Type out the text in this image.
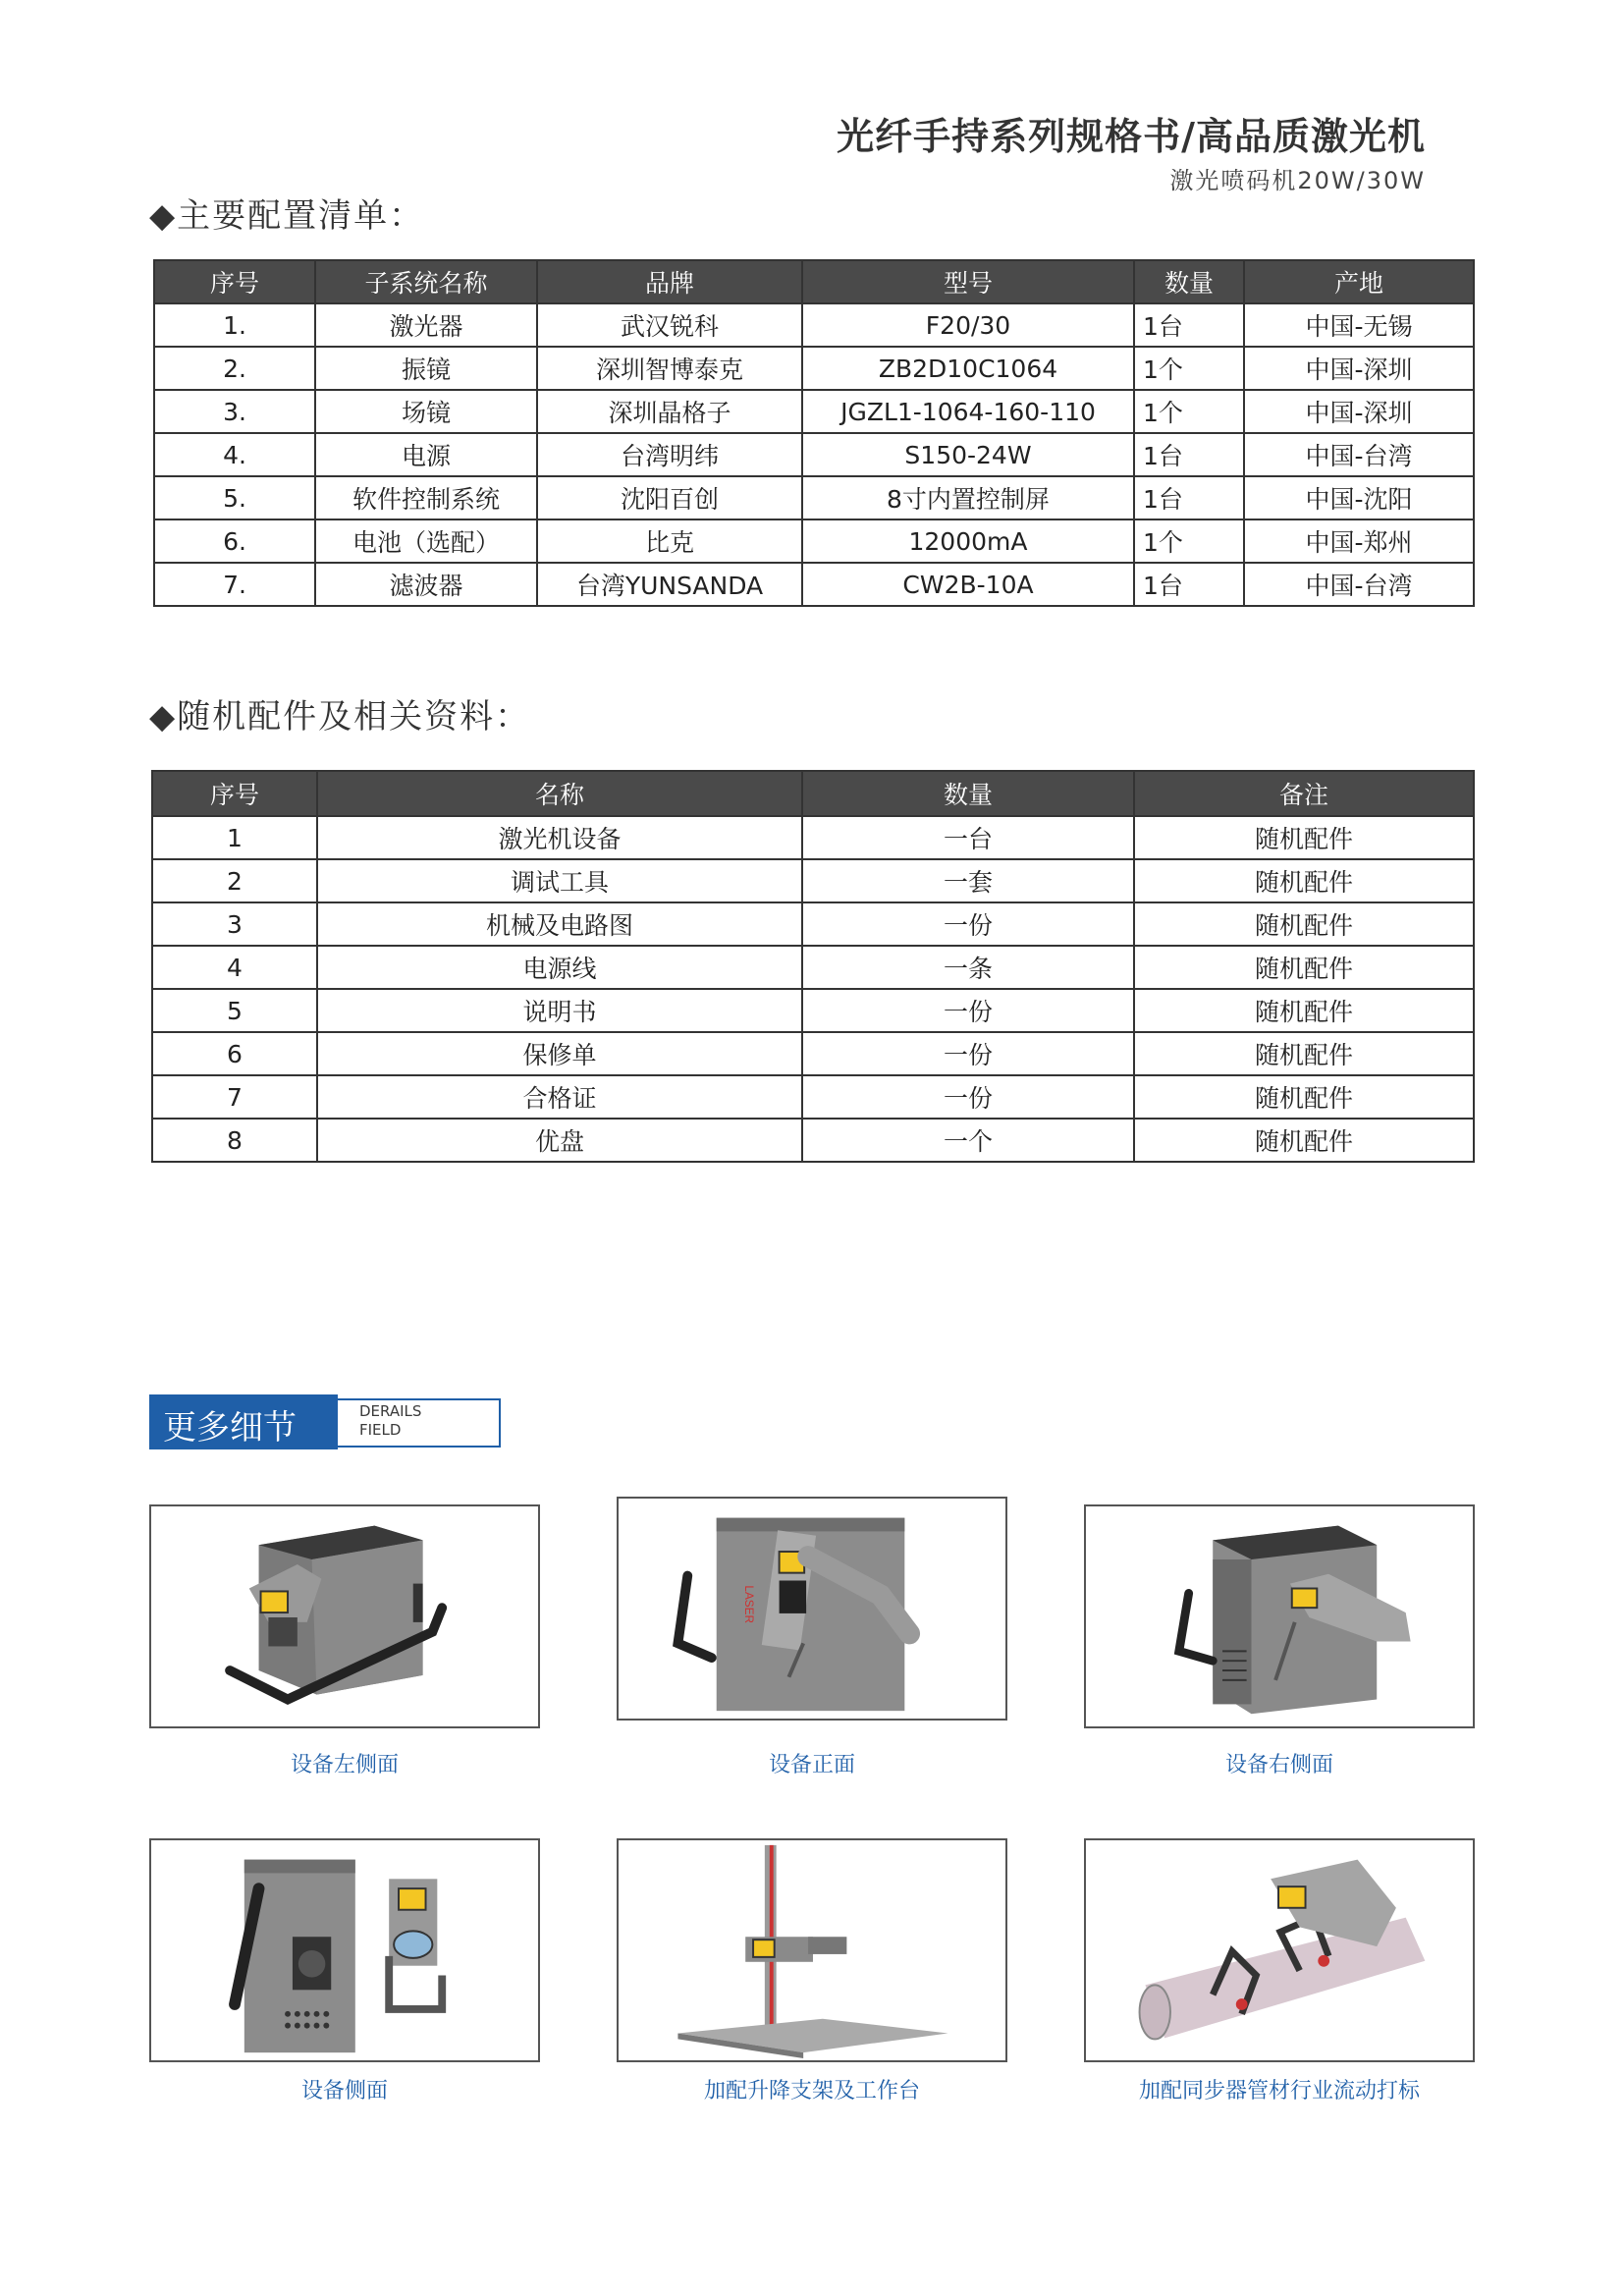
光纤手持系列规格书/高品质激光机
激光喷码机20W/30W
◆主要配置清单：
序号	子系统名称	品牌	型号	数量	产地
1.	激光器	武汉锐科	F20/30	1台	中国-无锡
2.	振镜	深圳智博泰克	ZB2D10C1064	1个	中国-深圳
3.	场镜	深圳晶格子	JGZL1-1064-160-110	1个	中国-深圳
4.	电源	台湾明纬	S150-24W	1台	中国-台湾
5.	软件控制系统	沈阳百创	8寸内置控制屏	1台	中国-沈阳
6.	电池（选配）	比克	12000mA	1个	中国-郑州
7.	滤波器	台湾YUNSANDA	CW2B-10A	1台	中国-台湾
◆随机配件及相关资料：
序号	名称	数量	备注
1	激光机设备	一台	随机配件
2	调试工具	一套	随机配件
3	机械及电路图	一份	随机配件
4	电源线	一条	随机配件
5	说明书	一份	随机配件
6	保修单	一份	随机配件
7	合格证	一份	随机配件
8	优盘	一个	随机配件
更多细节	DERAILS
FIELD
设备左侧面
LASER
设备正面	设备右侧面
设备侧面	加配升降支架及工作台	加配同步器管材行业流动打标
